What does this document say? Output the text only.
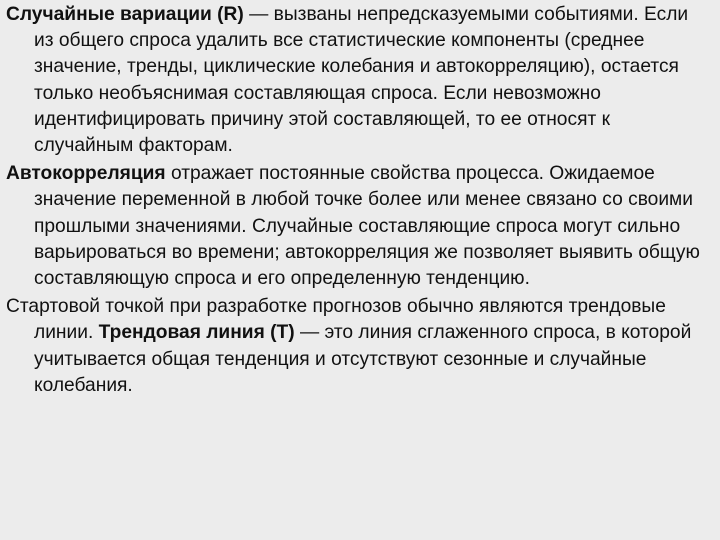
Случайные вариации (R) — вызваны непредсказуемыми событиями. Если из общего спроса удалить все статистические компоненты (среднее значение, тренды, циклические колебания и автокорреляцию), остается только необъяснимая составляющая спроса. Если невозможно идентифицировать причину этой составляющей, то ее относят к случайным факторам.

Автокорреляция отражает постоянные свойства процесса. Ожидаемое значение переменной в любой точке более или менее связано со своими прошлыми значениями. Случайные составляющие спроса могут сильно варьироваться во времени; автокорреляция же позволяет выявить общую составляющую спроса и его определенную тенденцию.

Стартовой точкой при разработке прогнозов обычно являются трендовые линии. Трендовая линия (Т) — это линия сглаженного спроса, в которой учитывается общая тенденция и отсутствуют сезонные и случайные колебания.
